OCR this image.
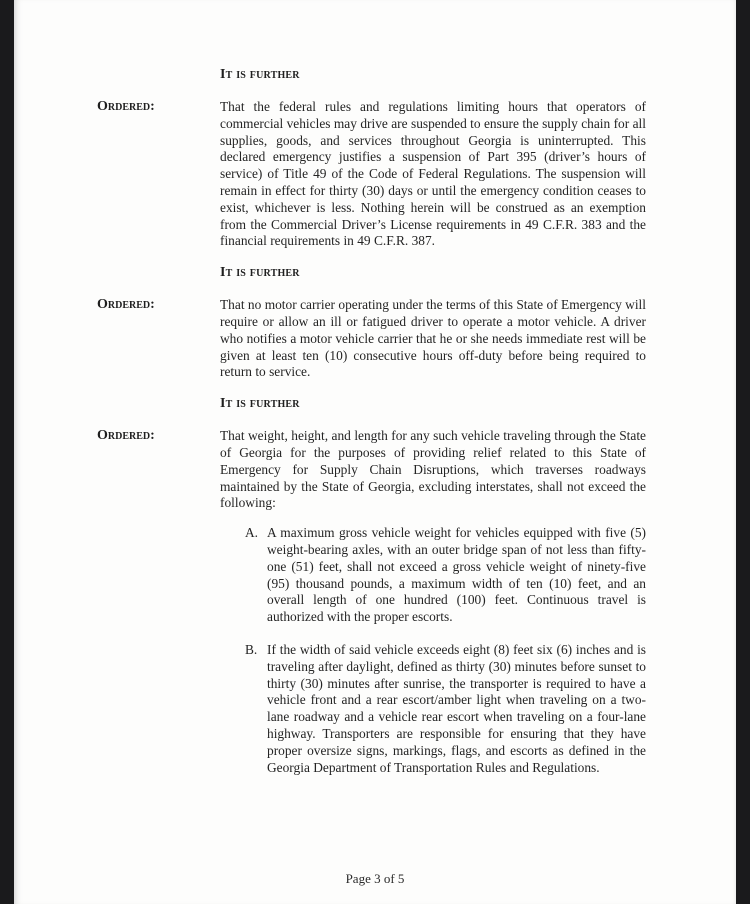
It is further
Ordered:	That the federal rules and regulations limiting hours that operators of commercial vehicles may drive are suspended to ensure the supply chain for all supplies, goods, and services throughout Georgia is uninterrupted. This declared emergency justifies a suspension of Part 395 (driver’s hours of service) of Title 49 of the Code of Federal Regulations. The suspension will remain in effect for thirty (30) days or until the emergency condition ceases to exist, whichever is less. Nothing herein will be construed as an exemption from the Commercial Driver’s License requirements in 49 C.F.R. 383 and the financial requirements in 49 C.F.R. 387.
It is further
Ordered:	That no motor carrier operating under the terms of this State of Emergency will require or allow an ill or fatigued driver to operate a motor vehicle. A driver who notifies a motor vehicle carrier that he or she needs immediate rest will be given at least ten (10) consecutive hours off-duty before being required to return to service.
It is further
Ordered:	That weight, height, and length for any such vehicle traveling through the State of Georgia for the purposes of providing relief related to this State of Emergency for Supply Chain Disruptions, which traverses roadways maintained by the State of Georgia, excluding interstates, shall not exceed the following:
A. A maximum gross vehicle weight for vehicles equipped with five (5) weight-bearing axles, with an outer bridge span of not less than fifty-one (51) feet, shall not exceed a gross vehicle weight of ninety-five (95) thousand pounds, a maximum width of ten (10) feet, and an overall length of one hundred (100) feet. Continuous travel is authorized with the proper escorts.
B. If the width of said vehicle exceeds eight (8) feet six (6) inches and is traveling after daylight, defined as thirty (30) minutes before sunset to thirty (30) minutes after sunrise, the transporter is required to have a vehicle front and a rear escort/amber light when traveling on a two-lane roadway and a vehicle rear escort when traveling on a four-lane highway. Transporters are responsible for ensuring that they have proper oversize signs, markings, flags, and escorts as defined in the Georgia Department of Transportation Rules and Regulations.
Page 3 of 5
